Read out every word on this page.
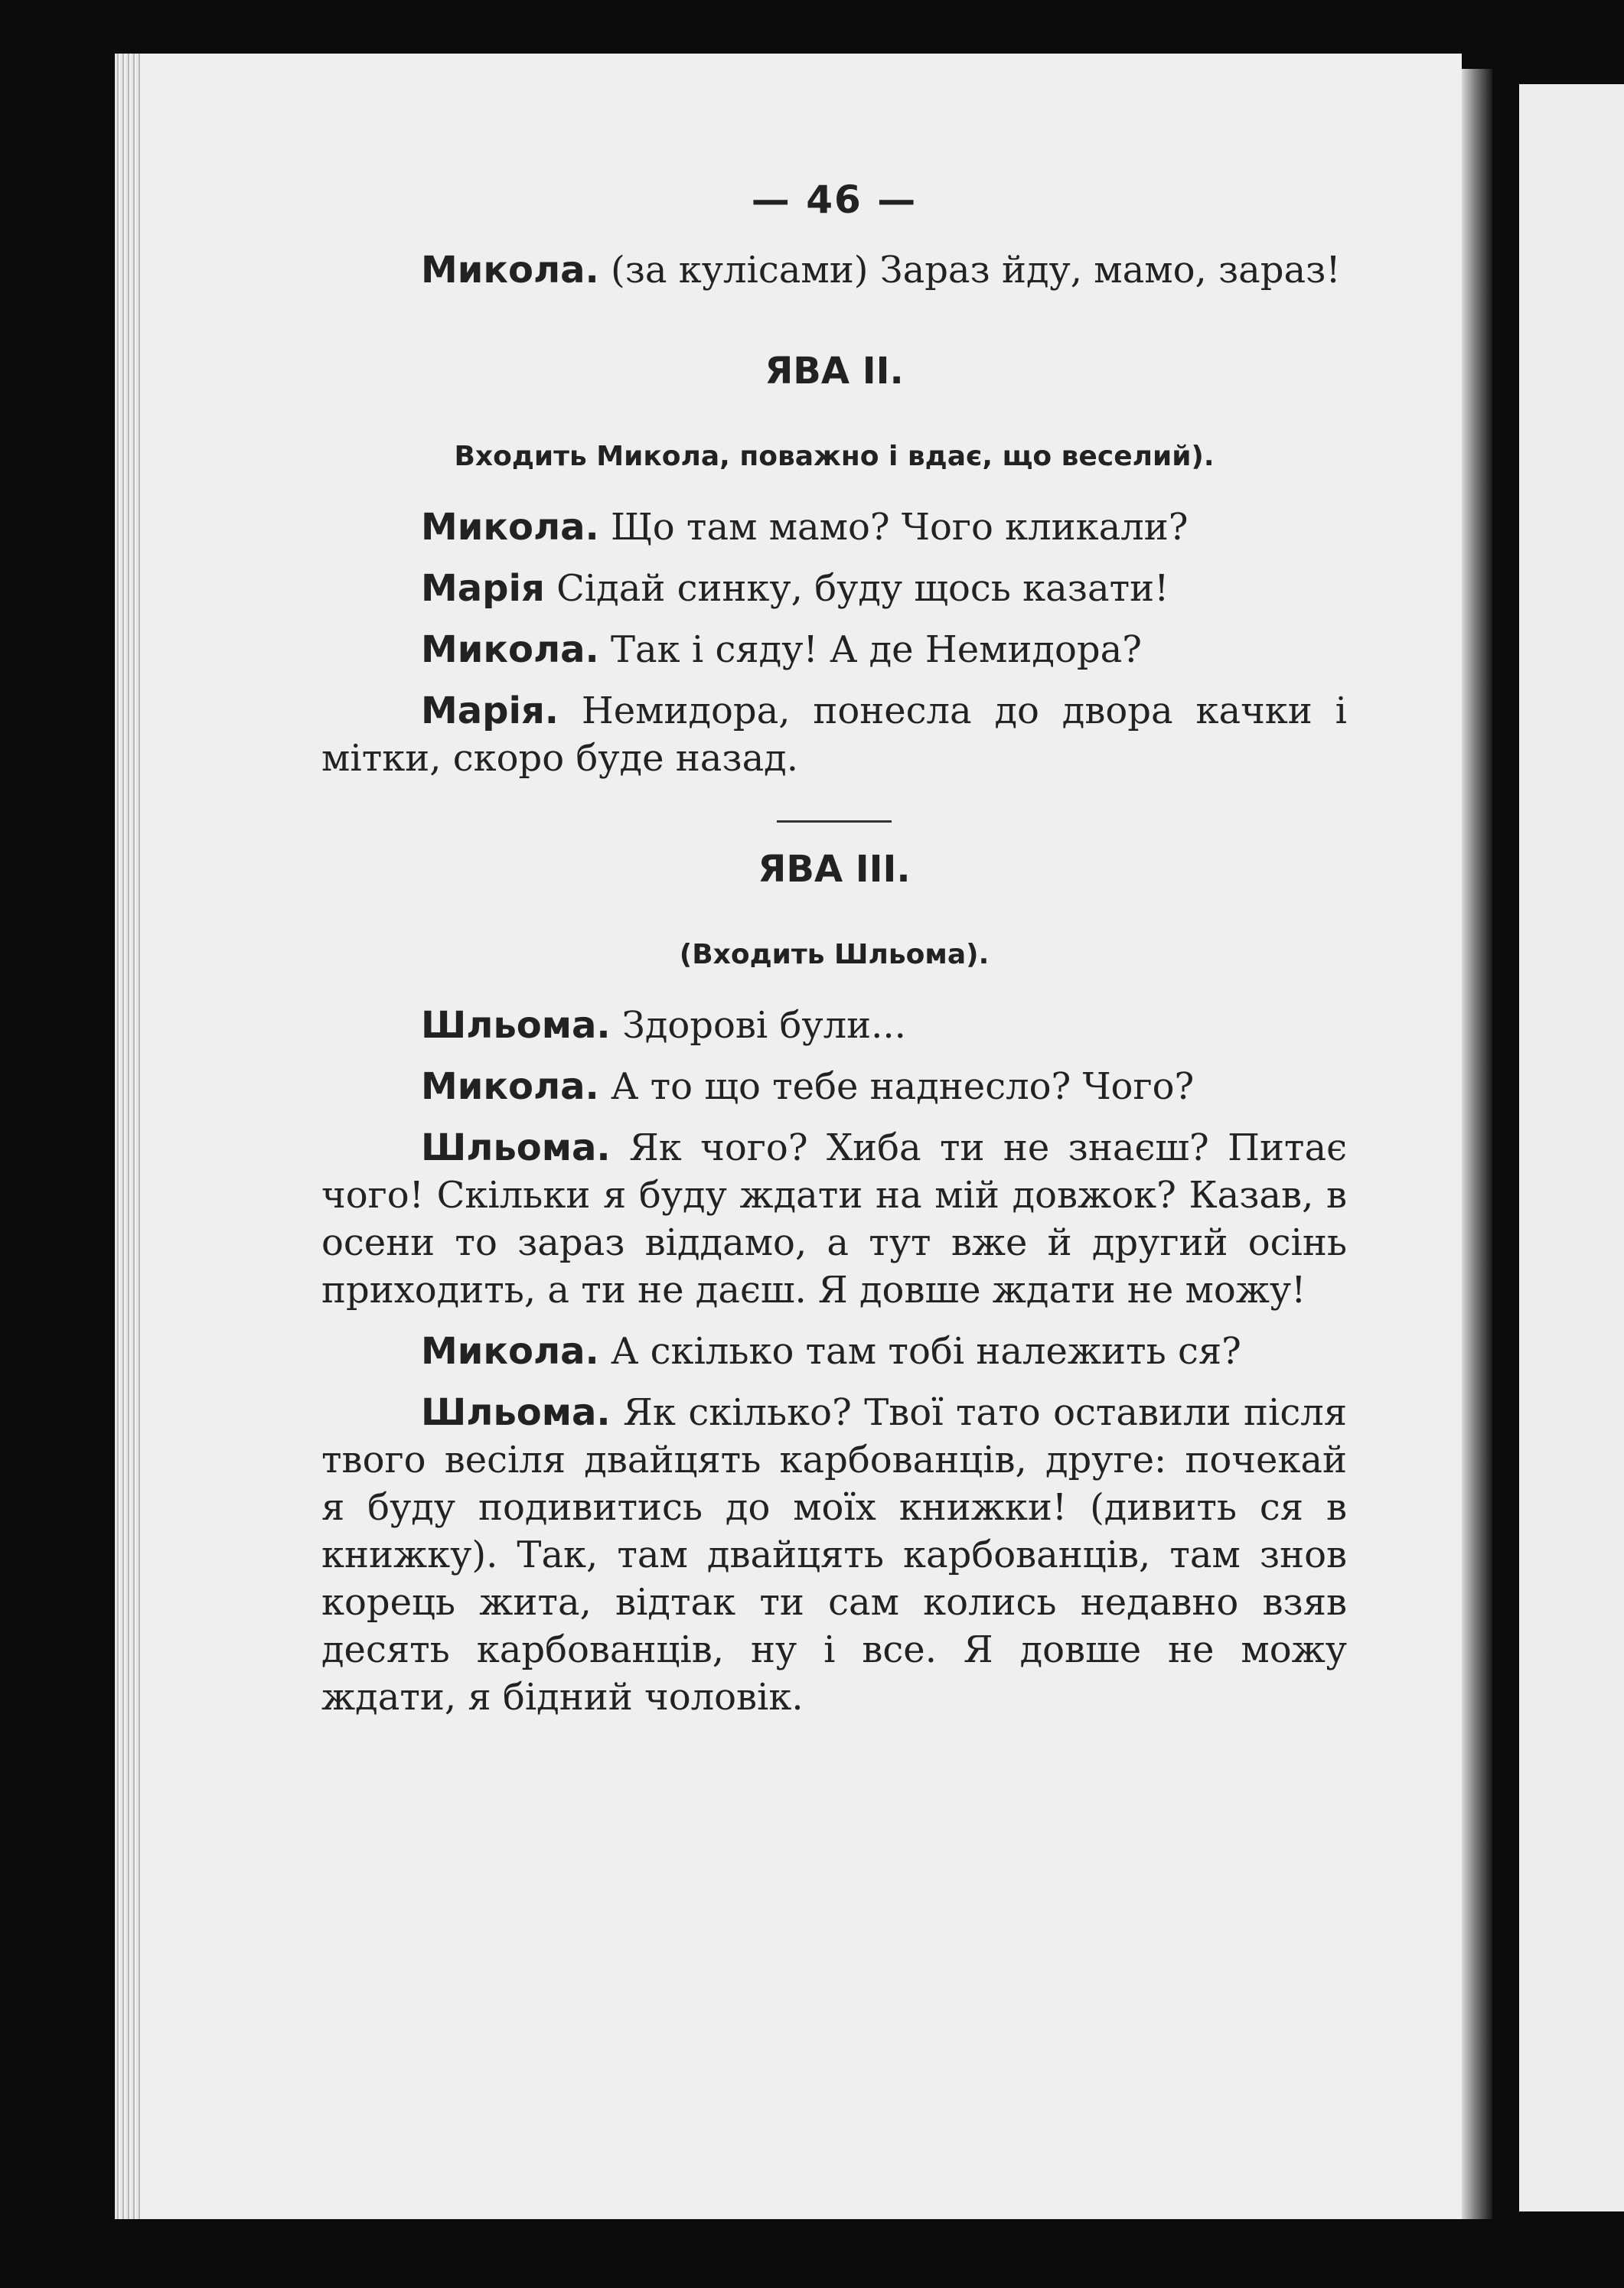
— 46 —

Микола. (за кулісами) Зараз йду, мамо, зараз!

ЯВА II.
Входить Микола, поважно і вдає, що веселий).

Микола. Що там мамо? Чого кликали?

Марія Сідай синку, буду щось казати!

Микола. Так і сяду! А де Немидора?

Марія. Немидора, понесла до двора качки і мітки, скоро буде назад.

ЯВА III.
(Входить Шльома).

Шльома. Здорові були...

Микола. А то що тебе наднесло? Чого?

Шльома. Як чого? Хиба ти не знаєш? Питає чого! Скільки я буду ждати на мій довжок? Казав, в осени то зараз віддамо, а тут вже й другий осінь приходить, а ти не даєш. Я довше ждати не можу!

Микола. А скілько там тобі належить ся?

Шльома. Як скілько? Твої тато оставили після твого весіля двайцять карбованців, друге: почекай я буду подивитись до моїх книжки! (дивить ся в книжку). Так, там двайцять карбованців, там знов корець жита, відтак ти сам колись недавно взяв десять карбованців, ну і все. Я довше не можу ждати, я бідний чоловік.
